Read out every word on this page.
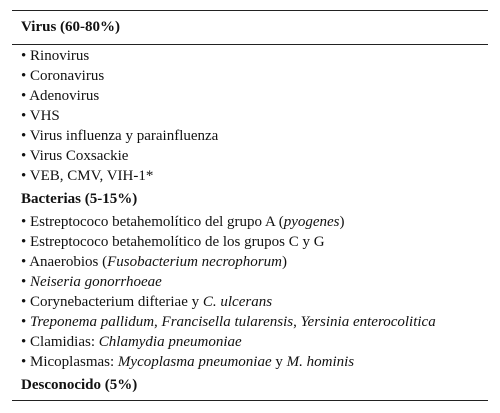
Virus (60-80%)
• Rinovirus
• Coronavirus
• Adenovirus
• VHS
• Virus influenza y parainfluenza
• Virus Coxsackie
• VEB, CMV, VIH-1*
Bacterias (5-15%)
• Estreptococo betahemolítico del grupo A (pyogenes)
• Estreptococo betahemolítico de los grupos C y G
• Anaerobios (Fusobacterium necrophorum)
• Neiseria gonorrhoeae
• Corynebacterium difteriae y C. ulcerans
• Treponema pallidum, Francisella tularensis, Yersinia enterocolitica
• Clamidias: Chlamydia pneumoniae
• Micoplasmas: Mycoplasma pneumoniae y M. hominis
Desconocido (5%)
